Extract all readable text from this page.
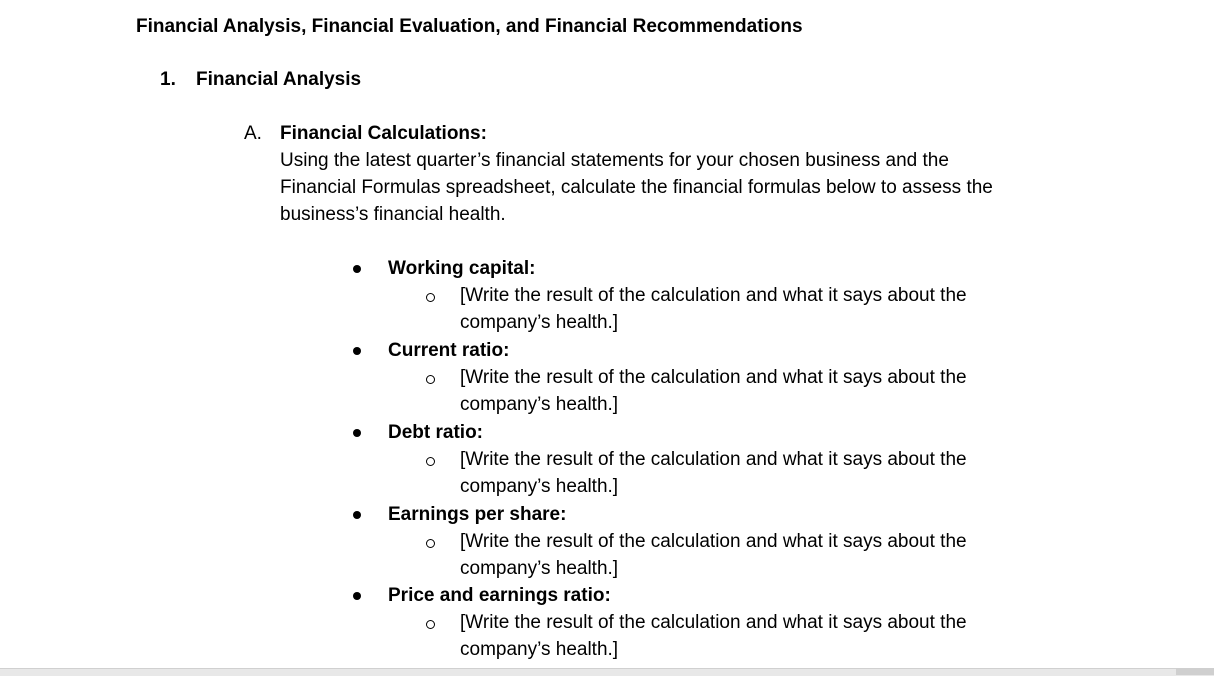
Financial Analysis, Financial Evaluation, and Financial Recommendations
1. Financial Analysis
A. Financial Calculations:
Using the latest quarter’s financial statements for your chosen business and the
Financial Formulas spreadsheet, calculate the financial formulas below to assess the
business’s financial health.
Working capital:
[Write the result of the calculation and what it says about the
company’s health.]
Current ratio:
[Write the result of the calculation and what it says about the
company’s health.]
Debt ratio:
[Write the result of the calculation and what it says about the
company’s health.]
Earnings per share:
[Write the result of the calculation and what it says about the
company’s health.]
Price and earnings ratio:
[Write the result of the calculation and what it says about the
company’s health.]
